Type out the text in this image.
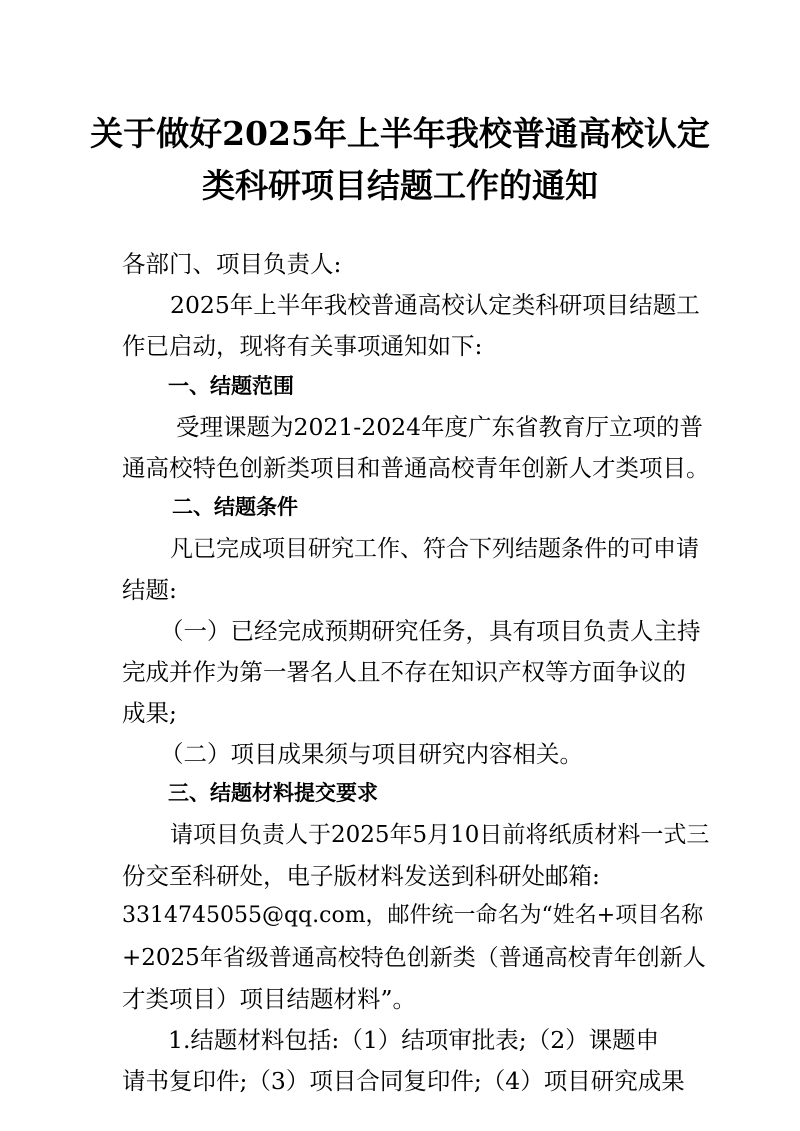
关于做好2025年上半年我校普通高校认定
类科研项目结题工作的通知
各部门、项目负责人:
2025年上半年我校普通高校认定类科研项目结题工
作已启动，现将有关事项通知如下:
一、结题范围
受理课题为2021-2024年度广东省教育厅立项的普
通高校特色创新类项目和普通高校青年创新人才类项目。
二、结题条件
凡已完成项目研究工作、符合下列结题条件的可申请
结题:
（一）已经完成预期研究任务，具有项目负责人主持
完成并作为第一署名人且不存在知识产权等方面争议的
成果;
（二）项目成果须与项目研究内容相关。
三、结题材料提交要求
请项目负责人于2025年5月10日前将纸质材料一式三
份交至科研处，电子版材料发送到科研处邮箱:
3314745055@qq.com，邮件统一命名为“姓名+项目名称
+2025年省级普通高校特色创新类（普通高校青年创新人
才类项目）项目结题材料”。
1.结题材料包括:（1）结项审批表;（2）课题申
请书复印件;（3）项目合同复印件;（4）项目研究成果
